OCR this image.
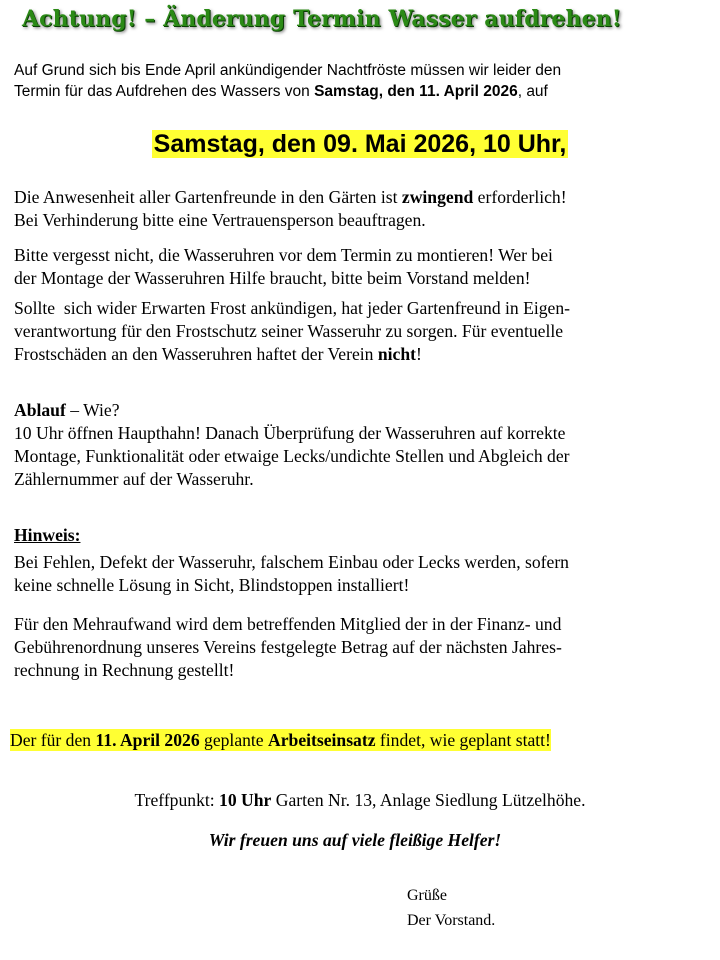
Achtung! – Änderung Termin Wasser aufdrehen!
Auf Grund sich bis Ende April ankündigender Nachtfröste müssen wir leider den
Termin für das Aufdrehen des Wassers von Samstag, den 11. April 2026, auf
Samstag, den 09. Mai 2026, 10 Uhr,

Die Anwesenheit aller Gartenfreunde in den Gärten ist zwingend erforderlich!

Bei Verhinderung bitte eine Vertrauensperson beauftragen.

Bitte vergesst nicht, die Wasseruhren vor dem Termin zu montieren! Wer bei

der Montage der Wasseruhren Hilfe braucht, bitte beim Vorstand melden!

Sollte  sich wider Erwarten Frost ankündigen, hat jeder Gartenfreund in Eigen-

verantwortung für den Frostschutz seiner Wasseruhr zu sorgen. Für eventuelle

Frostschäden an den Wasseruhren haftet der Verein nicht!

Ablauf – Wie?

10 Uhr öffnen Haupthahn! Danach Überprüfung der Wasseruhren auf korrekte

Montage, Funktionalität oder etwaige Lecks/undichte Stellen und Abgleich der

Zählernummer auf der Wasseruhr.

Hinweis:

Bei Fehlen, Defekt der Wasseruhr, falschem Einbau oder Lecks werden, sofern

keine schnelle Lösung in Sicht, Blindstoppen installiert!

Für den Mehraufwand wird dem betreffenden Mitglied der in der Finanz- und

Gebührenordnung unseres Vereins festgelegte Betrag auf der nächsten Jahres-

rechnung in Rechnung gestellt!

Der für den 11. April 2026 geplante Arbeitseinsatz findet, wie geplant statt!
Treffpunkt: 10 Uhr Garten Nr. 13, Anlage Siedlung Lützelhöhe.
Wir freuen uns auf viele fleißige Helfer!
Grüße
Der Vorstand.
